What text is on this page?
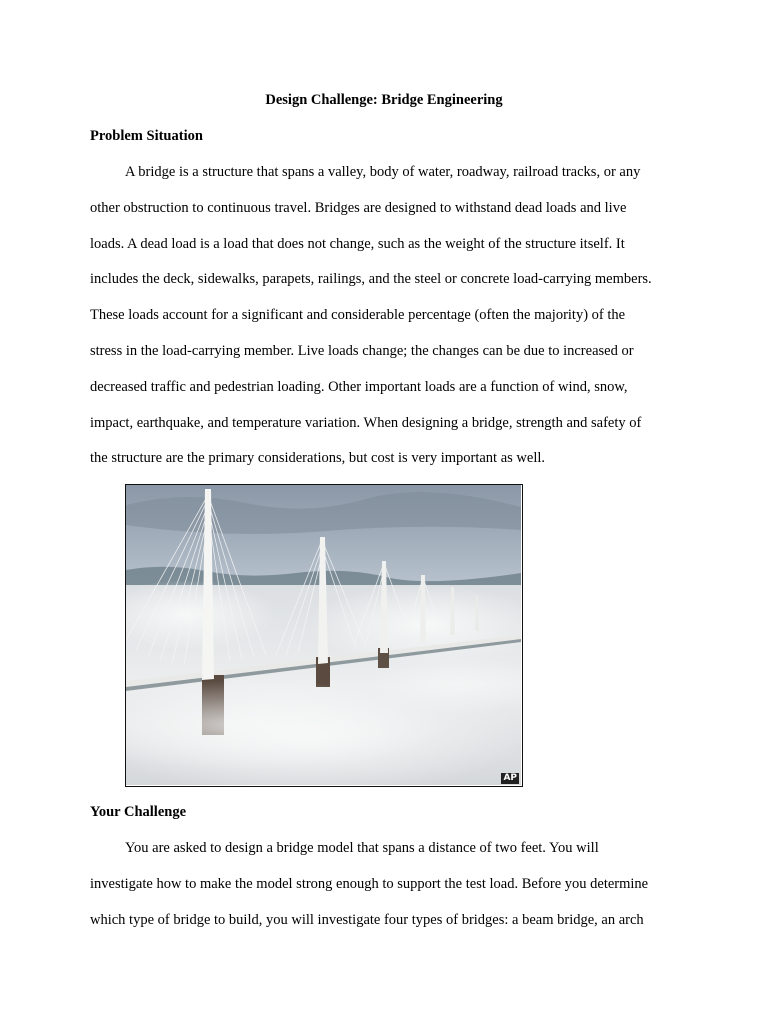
Design Challenge: Bridge Engineering
Problem Situation
A bridge is a structure that spans a valley, body of water, roadway, railroad tracks, or any
other obstruction to continuous travel. Bridges are designed to withstand dead loads and live
loads. A dead load is a load that does not change, such as the weight of the structure itself. It
includes the deck, sidewalks, parapets, railings, and the steel or concrete load-carrying members.
These loads account for a significant and considerable percentage (often the majority) of the
stress in the load-carrying member. Live loads change; the changes can be due to increased or
decreased traffic and pedestrian loading. Other important loads are a function of wind, snow,
impact, earthquake, and temperature variation. When designing a bridge, strength and safety of
the structure are the primary considerations, but cost is very important as well.
AP
Your Challenge
You are asked to design a bridge model that spans a distance of two feet. You will
investigate how to make the model strong enough to support the test load. Before you determine
which type of bridge to build, you will investigate four types of bridges: a beam bridge, an arch
